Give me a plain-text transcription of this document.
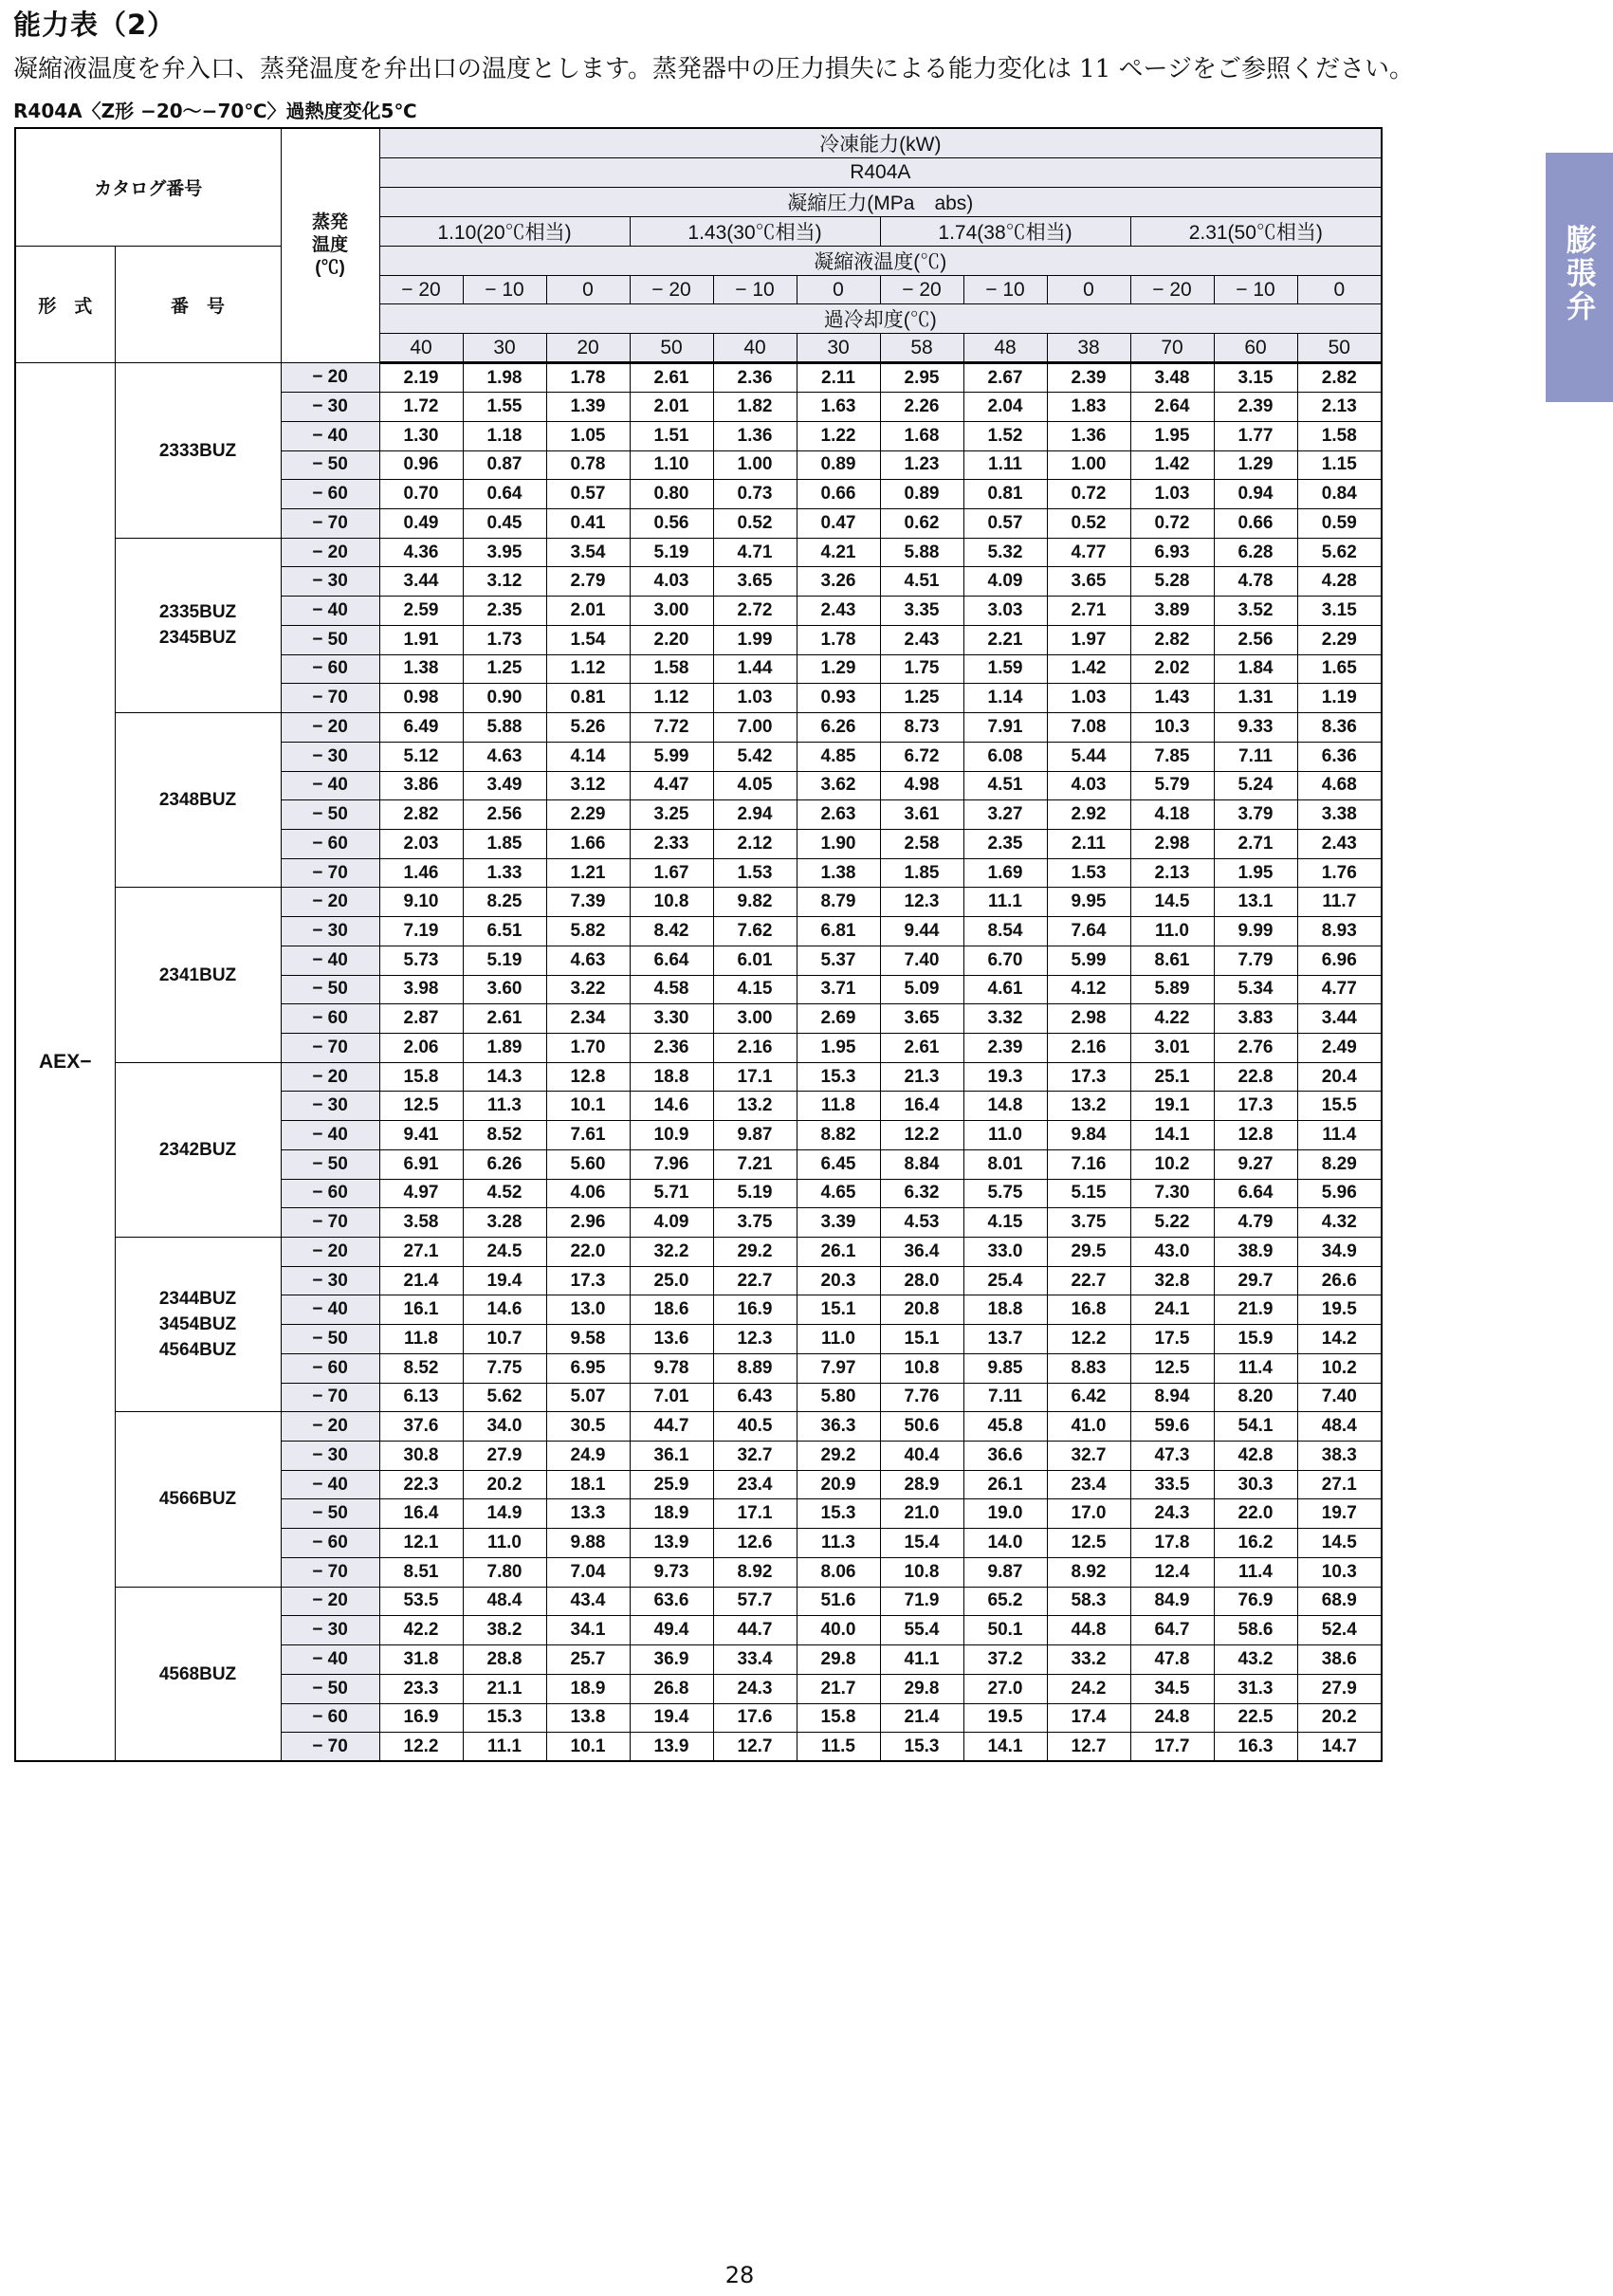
能力表（2）
凝縮液温度を弁入口、蒸発温度を弁出口の温度とします。蒸発器中の圧力損失による能力変化は 11 ページをご参照ください。
R404A〈Z形 −20〜−70℃〉過熱度変化5℃
膨張弁
カタログ番号		蒸発温度(℃)	冷凍能力(kW)											
			R404A											
			凝縮圧力(MPa　abs)											
			1.10(20℃相当)			1.43(30℃相当)			1.74(38℃相当)			2.31(50℃相当)		
形　式	番　号		凝縮液温度(℃)											
			− 20	− 10	0	− 20	− 10	0	− 20	− 10	0	− 20	− 10	0
			過冷却度(℃)											
			40	30	20	50	40	30	58	48	38	70	60	50
AEX−	2333BUZ	− 20	2.19	1.98	1.78	2.61	2.36	2.11	2.95	2.67	2.39	3.48	3.15	2.82
		− 30	1.72	1.55	1.39	2.01	1.82	1.63	2.26	2.04	1.83	2.64	2.39	2.13
		− 40	1.30	1.18	1.05	1.51	1.36	1.22	1.68	1.52	1.36	1.95	1.77	1.58
		− 50	0.96	0.87	0.78	1.10	1.00	0.89	1.23	1.11	1.00	1.42	1.29	1.15
		− 60	0.70	0.64	0.57	0.80	0.73	0.66	0.89	0.81	0.72	1.03	0.94	0.84
		− 70	0.49	0.45	0.41	0.56	0.52	0.47	0.62	0.57	0.52	0.72	0.66	0.59

	2335BUZ
2345BUZ	− 20	4.36	3.95	3.54	5.19	4.71	4.21	5.88	5.32	4.77	6.93	6.28	5.62
		− 30	3.44	3.12	2.79	4.03	3.65	3.26	4.51	4.09	3.65	5.28	4.78	4.28
		− 40	2.59	2.35	2.01	3.00	2.72	2.43	3.35	3.03	2.71	3.89	3.52	3.15
		− 50	1.91	1.73	1.54	2.20	1.99	1.78	2.43	2.21	1.97	2.82	2.56	2.29
		− 60	1.38	1.25	1.12	1.58	1.44	1.29	1.75	1.59	1.42	2.02	1.84	1.65
		− 70	0.98	0.90	0.81	1.12	1.03	0.93	1.25	1.14	1.03	1.43	1.31	1.19

	2348BUZ	− 20	6.49	5.88	5.26	7.72	7.00	6.26	8.73	7.91	7.08	10.3	9.33	8.36
		− 30	5.12	4.63	4.14	5.99	5.42	4.85	6.72	6.08	5.44	7.85	7.11	6.36
		− 40	3.86	3.49	3.12	4.47	4.05	3.62	4.98	4.51	4.03	5.79	5.24	4.68
		− 50	2.82	2.56	2.29	3.25	2.94	2.63	3.61	3.27	2.92	4.18	3.79	3.38
		− 60	2.03	1.85	1.66	2.33	2.12	1.90	2.58	2.35	2.11	2.98	2.71	2.43
		− 70	1.46	1.33	1.21	1.67	1.53	1.38	1.85	1.69	1.53	2.13	1.95	1.76

	2341BUZ	− 20	9.10	8.25	7.39	10.8	9.82	8.79	12.3	11.1	9.95	14.5	13.1	11.7
		− 30	7.19	6.51	5.82	8.42	7.62	6.81	9.44	8.54	7.64	11.0	9.99	8.93
		− 40	5.73	5.19	4.63	6.64	6.01	5.37	7.40	6.70	5.99	8.61	7.79	6.96
		− 50	3.98	3.60	3.22	4.58	4.15	3.71	5.09	4.61	4.12	5.89	5.34	4.77
		− 60	2.87	2.61	2.34	3.30	3.00	2.69	3.65	3.32	2.98	4.22	3.83	3.44
		− 70	2.06	1.89	1.70	2.36	2.16	1.95	2.61	2.39	2.16	3.01	2.76	2.49

	2342BUZ	− 20	15.8	14.3	12.8	18.8	17.1	15.3	21.3	19.3	17.3	25.1	22.8	20.4
		− 30	12.5	11.3	10.1	14.6	13.2	11.8	16.4	14.8	13.2	19.1	17.3	15.5
		− 40	9.41	8.52	7.61	10.9	9.87	8.82	12.2	11.0	9.84	14.1	12.8	11.4
		− 50	6.91	6.26	5.60	7.96	7.21	6.45	8.84	8.01	7.16	10.2	9.27	8.29
		− 60	4.97	4.52	4.06	5.71	5.19	4.65	6.32	5.75	5.15	7.30	6.64	5.96
		− 70	3.58	3.28	2.96	4.09	3.75	3.39	4.53	4.15	3.75	5.22	4.79	4.32

	2344BUZ
3454BUZ
4564BUZ	− 20	27.1	24.5	22.0	32.2	29.2	26.1	36.4	33.0	29.5	43.0	38.9	34.9
		− 30	21.4	19.4	17.3	25.0	22.7	20.3	28.0	25.4	22.7	32.8	29.7	26.6
		− 40	16.1	14.6	13.0	18.6	16.9	15.1	20.8	18.8	16.8	24.1	21.9	19.5
		− 50	11.8	10.7	9.58	13.6	12.3	11.0	15.1	13.7	12.2	17.5	15.9	14.2
		− 60	8.52	7.75	6.95	9.78	8.89	7.97	10.8	9.85	8.83	12.5	11.4	10.2
		− 70	6.13	5.62	5.07	7.01	6.43	5.80	7.76	7.11	6.42	8.94	8.20	7.40

	4566BUZ	− 20	37.6	34.0	30.5	44.7	40.5	36.3	50.6	45.8	41.0	59.6	54.1	48.4
		− 30	30.8	27.9	24.9	36.1	32.7	29.2	40.4	36.6	32.7	47.3	42.8	38.3
		− 40	22.3	20.2	18.1	25.9	23.4	20.9	28.9	26.1	23.4	33.5	30.3	27.1
		− 50	16.4	14.9	13.3	18.9	17.1	15.3	21.0	19.0	17.0	24.3	22.0	19.7
		− 60	12.1	11.0	9.88	13.9	12.6	11.3	15.4	14.0	12.5	17.8	16.2	14.5
		− 70	8.51	7.80	7.04	9.73	8.92	8.06	10.8	9.87	8.92	12.4	11.4	10.3

	4568BUZ	− 20	53.5	48.4	43.4	63.6	57.7	51.6	71.9	65.2	58.3	84.9	76.9	68.9
		− 30	42.2	38.2	34.1	49.4	44.7	40.0	55.4	50.1	44.8	64.7	58.6	52.4
		− 40	31.8	28.8	25.7	36.9	33.4	29.8	41.1	37.2	33.2	47.8	43.2	38.6
		− 50	23.3	21.1	18.9	26.8	24.3	21.7	29.8	27.0	24.2	34.5	31.3	27.9
		− 60	16.9	15.3	13.8	19.4	17.6	15.8	21.4	19.5	17.4	24.8	22.5	20.2
		− 70	12.2	11.1	10.1	13.9	12.7	11.5	15.3	14.1	12.7	17.7	16.3	14.7
28
